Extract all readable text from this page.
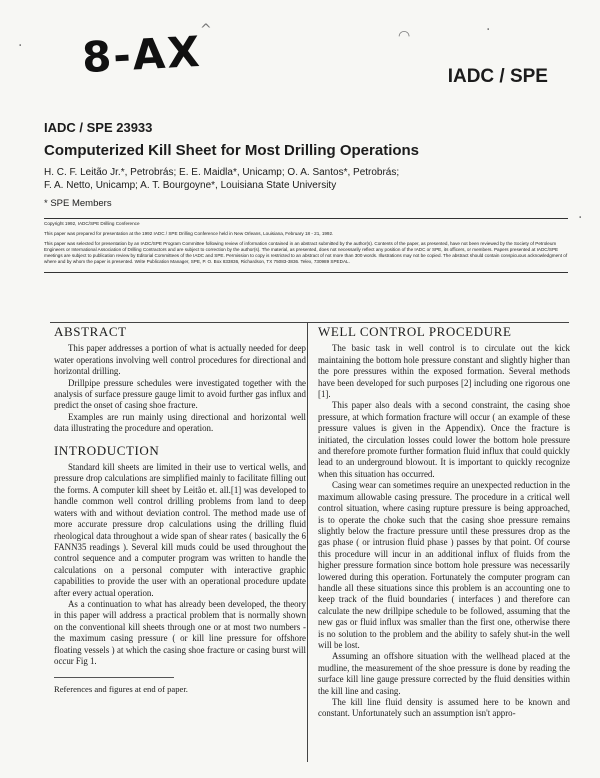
8-AX
·
^	◠	·
·
IADC / SPE
IADC / SPE 23933
Computerized Kill Sheet for Most Drilling Operations
H. C. F. Leitão Jr.*, Petrobrás; E. E. Maidla*, Unicamp; O. A. Santos*, Petrobrás;
F. A. Netto, Unicamp; A. T. Bourgoyne*, Louisiana State University
* SPE Members

Copyright 1992, IADC/SPE Drilling Conference

This paper was prepared for presentation at the 1992 IADC / SPE Drilling Conference held in New Orleans, Louisiana, February 18 - 21, 1992.

This paper was selected for presentation by an IADC/SPE Program Committee following review of information contained in an abstract submitted by the author(s). Contents of the paper, as presented, have not been reviewed by the Society of Petroleum Engineers or International Association of Drilling Contractors and are subject to correction by the author(s). The material, as presented, does not necessarily reflect any position of the IADC or SPE, its officers, or members. Papers presented at IADC/SPE meetings are subject to publication review by Editorial Committees of the IADC and SPE. Permission to copy is restricted to an abstract of not more than 300 words. Illustrations may not be copied. The abstract should contain conspicuous acknowledgment of where and by whom the paper is presented. Write Publication Manager, SPE, P. O. Box 833836, Richardson, TX 75083-3836. Telex, 730989 SPEDAL.

ABSTRACT

This paper addresses a portion of what is actually needed for deep water operations involving well control procedures for directional and horizontal drilling.

Drillpipe pressure schedules were investigated together with the analysis of surface pressure gauge limit to avoid further gas influx and predict the onset of casing shoe fracture.

Examples are run mainly using directional and horizontal well data illustrating the procedure and operation.

INTRODUCTION

Standard kill sheets are limited in their use to vertical wells, and pressure drop calculations are simplified mainly to facilitate filling out the forms. A computer kill sheet by Leitão et. all.[1] was developed to handle common well control drilling problems from land to deep waters with and without deviation control. The method made use of more accurate pressure drop calculations using the drilling fluid rheological data throughout a wide span of shear rates ( basically the 6 FANN35 readings ). Several kill muds could be used throughout the control sequence and a computer program was written to handle the calculations on a personal computer with interactive graphic capabilities to provide the user with an operational procedure update after every actual operation.

As a continuation to what has already been developed, the theory in this paper will address a practical problem that is normally shown on the conventional kill sheets through one or at most two numbers - the maximum casing pressure ( or kill line pressure for offshore floating vessels ) at which the casing shoe fracture or casing burst will occur Fig 1.

References and figures at end of paper.
WELL CONTROL PROCEDURE

The basic task in well control is to circulate out the kick maintaining the bottom hole pressure constant and slightly higher than the pore pressures within the exposed formation. Several methods have been developed for such purposes [2] including one rigorous one [1].

This paper also deals with a second constraint, the casing shoe pressure, at which formation fracture will occur ( an example of these pressure values is given in the Appendix). Once the fracture is initiated, the circulation losses could lower the bottom hole pressure and therefore promote further formation fluid influx that could quickly lead to an underground blowout. It is important to quickly recognize when this situation has occurred.

Casing wear can sometimes require an unexpected reduction in the maximum allowable casing pressure. The procedure in a critical well control situation, where casing rupture pressure is being approached, is to operate the choke such that the casing shoe pressure remains slightly below the fracture pressure until these pressures drop as the gas phase ( or intrusion fluid phase ) passes by that point. Of course this procedure will incur in an additional influx of fluids from the higher pressure formation since bottom hole pressure was necessarily lowered during this operation. Fortunately the computer program can handle all these situations since this problem is an accounting one to keep track of the fluid boundaries ( interfaces ) and therefore can calculate the new drillpipe schedule to be followed, assuming that the new gas or fluid influx was smaller than the first one, otherwise there is no solution to the problem and the ability to safely shut-in the well will be lost.

Assuming an offshore situation with the wellhead placed at the mudline, the measurement of the shoe pressure is done by reading the surface kill line gauge pressure corrected by the fluid densities within the kill line and casing.

The kill line fluid density is assumed here to be known and constant. Unfortunately such an assumption isn't appro-
